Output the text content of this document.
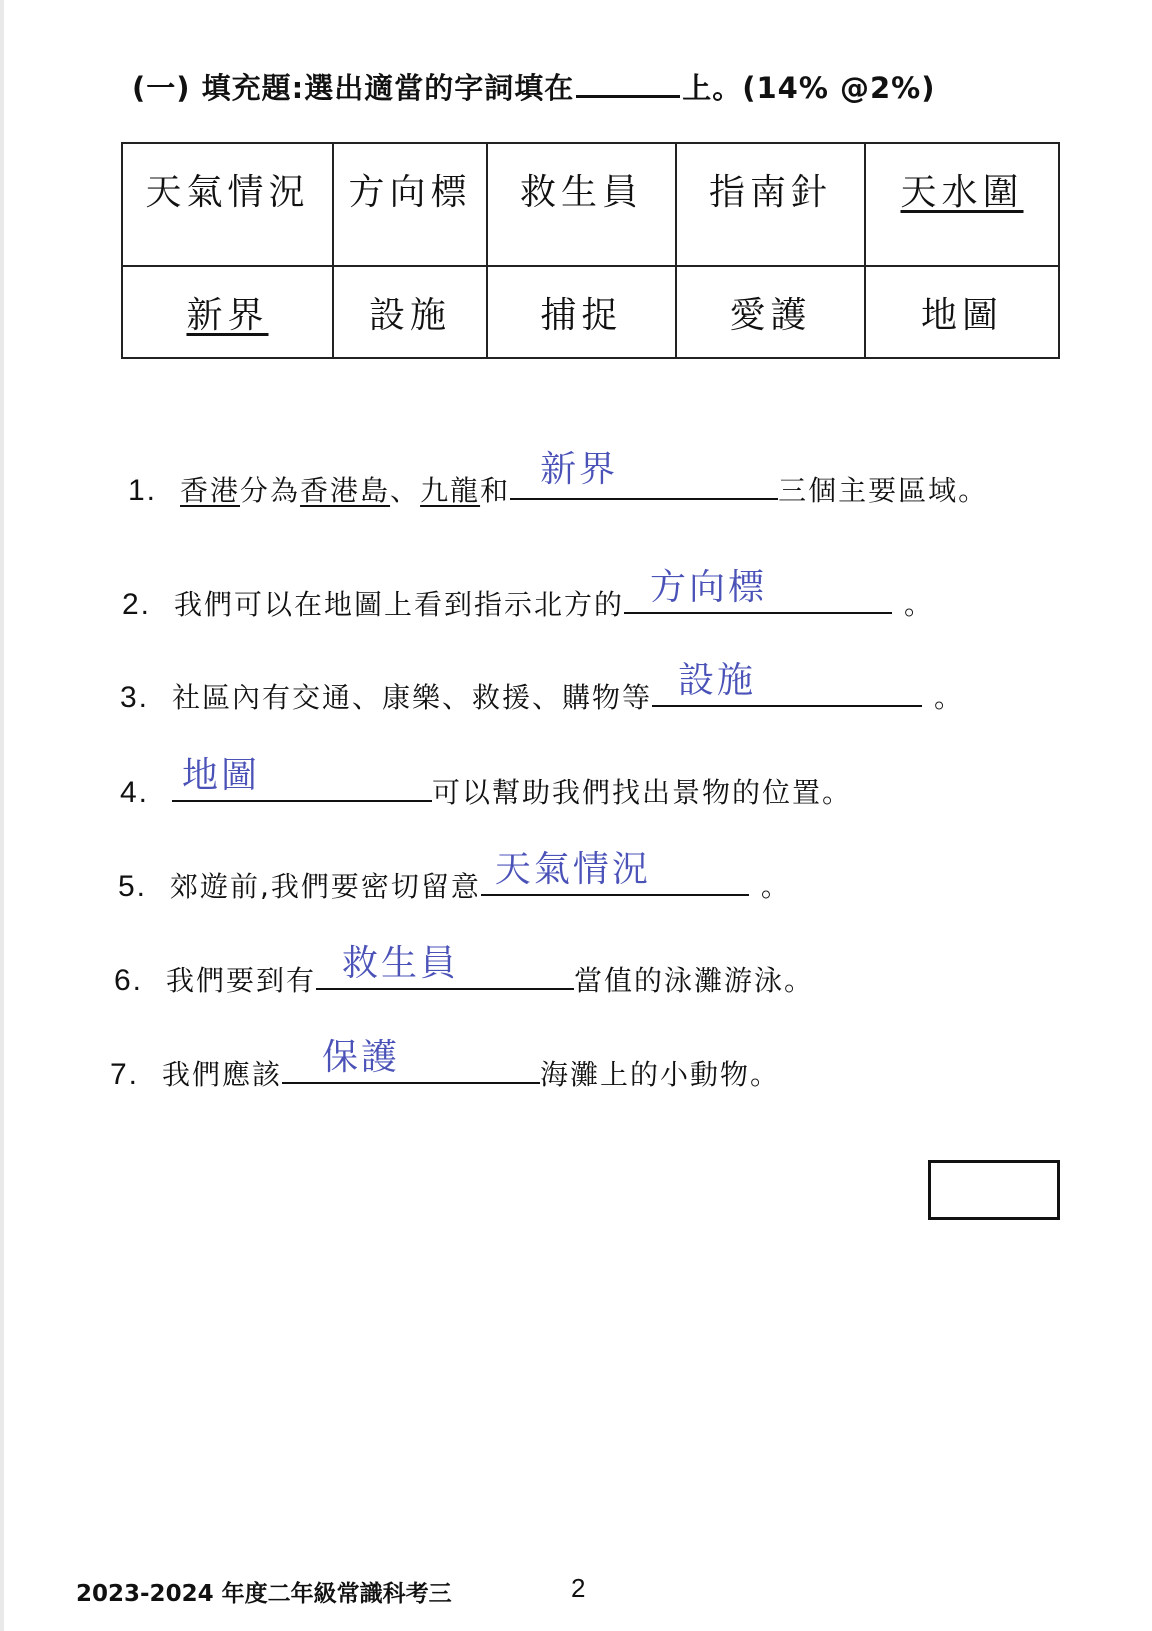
(一) 填充題:選出適當的字詞填在	上。(14% @2%)
天氣情況	方向標	救生員	指南針	天水圍
新界	設施	捕捉	愛護	地圖
1. 香港分為香港島、九龍和
新界
三個主要區域。
2. 我們可以在地圖上看到指示北方的 方向標	。
3. 社區內有交通、康樂、救援、購物等 設施	。
4. 地圖	可以幫助我們找出景物的位置。
5. 郊遊前,我們要密切留意 天氣情況	。
6. 我們要到有 救生員	當值的泳灘游泳。
7. 我們應該 保護	海灘上的小動物。
2023-2024 年度二年級常識科考三	2
